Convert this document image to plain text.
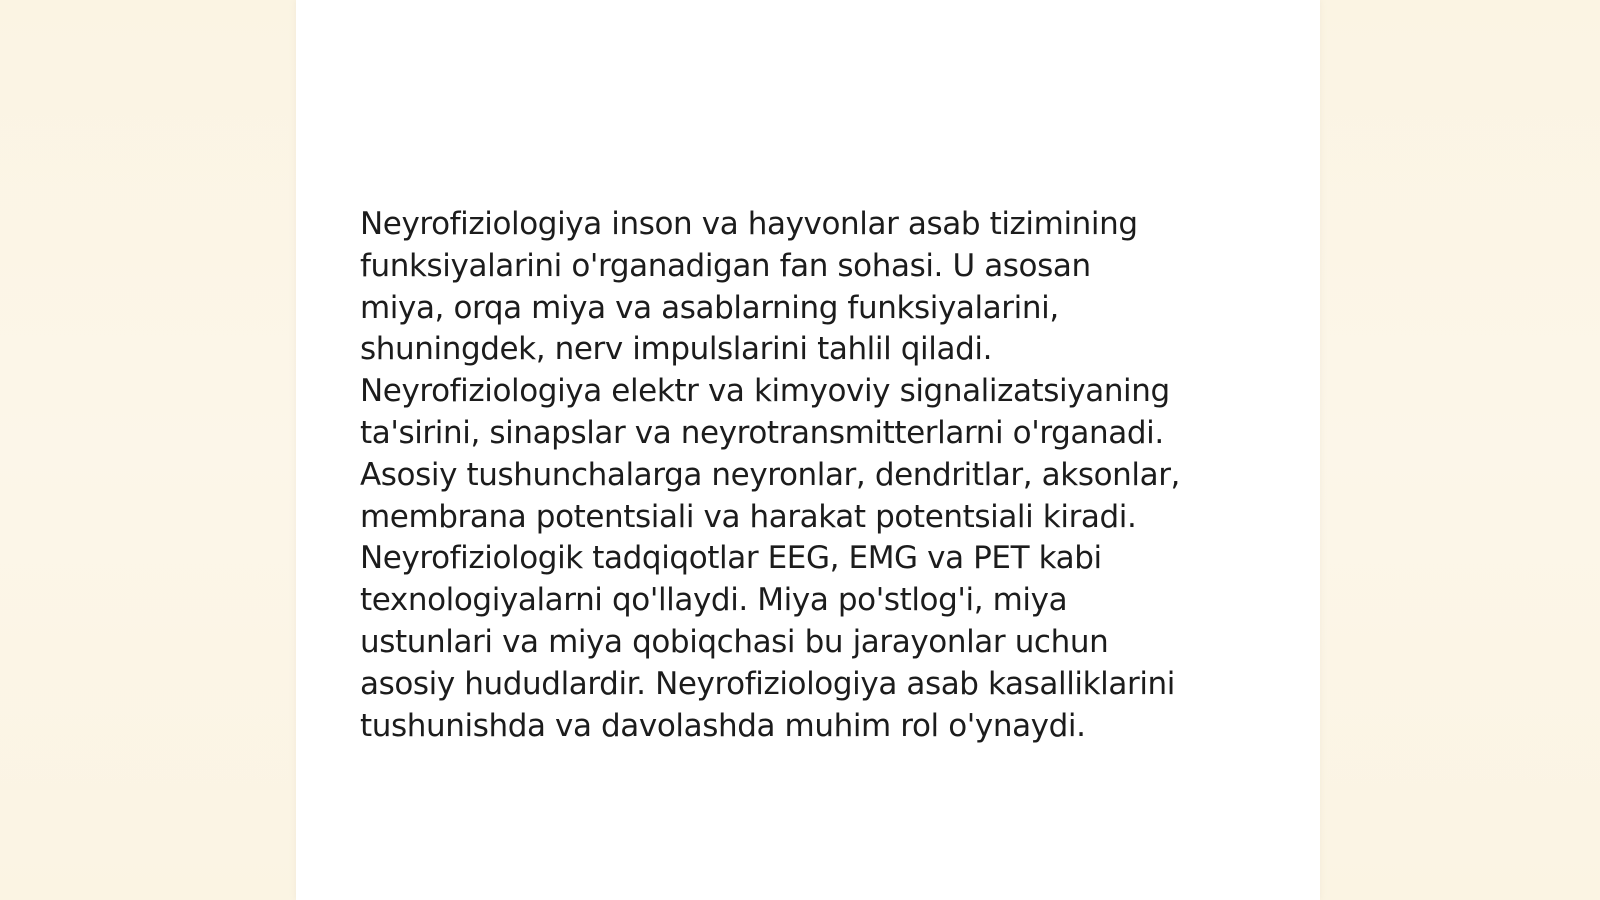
Neyrofiziologiya inson va hayvonlar asab tizimining
funksiyalarini o'rganadigan fan sohasi. U asosan
miya, orqa miya va asablarning funksiyalarini,
shuningdek, nerv impulslarini tahlil qiladi.
Neyrofiziologiya elektr va kimyoviy signalizatsiyaning
ta'sirini, sinapslar va neyrotransmitterlarni o'rganadi.
Asosiy tushunchalarga neyronlar, dendritlar, aksonlar,
membrana potentsiali va harakat potentsiali kiradi.
Neyrofiziologik tadqiqotlar EEG, EMG va PET kabi
texnologiyalarni qo'llaydi. Miya po'stlog'i, miya
ustunlari va miya qobiqchasi bu jarayonlar uchun
asosiy hududlardir. Neyrofiziologiya asab kasalliklarini
tushunishda va davolashda muhim rol o'ynaydi.
